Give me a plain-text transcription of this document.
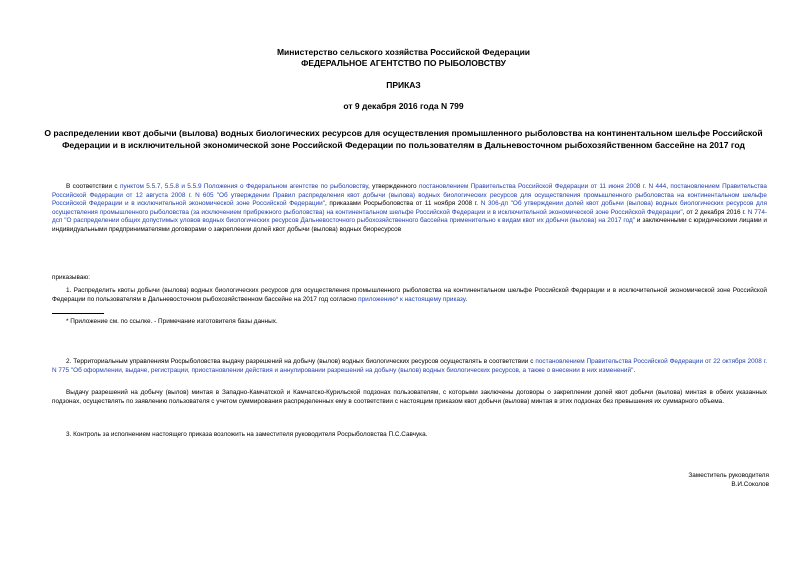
Министерство сельского хозяйства Российской Федерации
ФЕДЕРАЛЬНОЕ АГЕНТСТВО ПО РЫБОЛОВСТВУ
ПРИКАЗ
от 9 декабря 2016 года N 799
О распределении квот добычи (вылова) водных биологических ресурсов для осуществления промышленного рыболовства на континентальном шельфе Российской Федерации и в исключительной экономической зоне Российской Федерации по пользователям в Дальневосточном рыбохозяйственном бассейне на 2017 год
В соответствии с пунктом 5.5.7, 5.5.8 и 5.5.9 Положения о Федеральном агентстве по рыболовству, утвержденного постановлением Правительства Российской Федерации от 11 июня 2008 г. N 444, постановлением Правительства Российской Федерации от 12 августа 2008 г. N 605 "Об утверждении Правил распределения квот добычи (вылова) водных биологических ресурсов для осуществления промышленного рыболовства на континентальном шельфе Российской Федерации и в исключительной экономической зоне Российской Федерации", приказами Росрыболовства от 11 ноября 2008 г. N 306-дп "Об утверждении долей квот добычи (вылова) водных биологических ресурсов для осуществления промышленного рыболовства (за исключением прибрежного рыболовства) на континентальном шельфе Российской Федерации и в исключительной экономической зоне Российской Федерации", от 2 декабря 2016 г. N 774-дсп "О распределении общих допустимых уловов водных биологических ресурсов Дальневосточного рыбохозяйственного бассейна применительно к видам квот их добычи (вылова) на 2017 год" и заключенными с юридическими лицами и индивидуальными предпринимателями договорами о закреплении долей квот добычи (вылова) водных биоресурсов
приказываю:
1. Распределить квоты добычи (вылова) водных биологических ресурсов для осуществления промышленного рыболовства на континентальном шельфе Российской Федерации и в исключительной экономической зоне Российской Федерации по пользователям в Дальневосточном рыбохозяйственном бассейне на 2017 год согласно приложению* к настоящему приказу.
* Приложение см. по ссылке. - Примечание изготовителя базы данных.
2. Территориальным управлениям Росрыболовства выдачу разрешений на добычу (вылов) водных биологических ресурсов осуществлять в соответствии с постановлением Правительства Российской Федерации от 22 октября 2008 г. N 775 "Об оформлении, выдаче, регистрации, приостановлении действия и аннулировании разрешений на добычу (вылов) водных биологических ресурсов, а также о внесении в них изменений".
Выдачу разрешений на добычу (вылов) минтая в Западно-Камчатской и Камчатско-Курильской подзонах пользователям, с которыми заключены договоры о закреплении долей квот добычи (вылова) минтая в обеих указанных подзонах, осуществлять по заявлению пользователя с учетом суммирования распределенных ему в соответствии с настоящим приказом квот добычи (вылова) минтая в этих подзонах без превышения их суммарного объема.
3. Контроль за исполнением настоящего приказа возложить на заместителя руководителя Росрыболовства П.С.Савчука.
Заместитель руководителя
В.И.Соколов
